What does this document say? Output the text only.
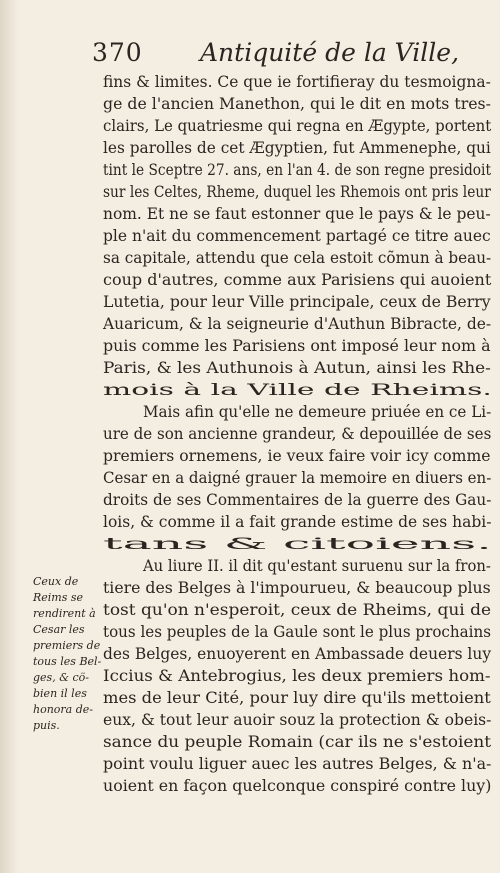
370 Antiquité de la Ville,
fins & limites. Ce que ie fortifieray du tesmoigna-
ge de l'ancien Manethon, qui le dit en mots tres-
clairs, Le quatriesme qui regna en Ægypte, portent
les parolles de cet Ægyptien, fut Ammenephe, qui
tint le Sceptre 27. ans, en l'an 4. de son regne presidoit
sur les Celtes, Rheme, duquel les Rhemois ont pris leur
nom. Et ne se faut estonner que le pays & le peu-
ple n'ait du commencement partagé ce titre auec
sa capitale, attendu que cela estoit cõmun à beau-
coup d'autres, comme aux Parisiens qui auoient
Lutetia, pour leur Ville principale, ceux de Berry
Auaricum, & la seigneurie d'Authun Bibracte, de-
puis comme les Parisiens ont imposé leur nom à
Paris, & les Authunois à Autun, ainsi les Rhe-
mois à la Ville de Rheims.
Mais afin qu'elle ne demeure priuée en ce Li-
ure de son ancienne grandeur, & depouillée de ses
premiers ornemens, ie veux faire voir icy comme
Cesar en a daigné grauer la memoire en diuers en-
droits de ses Commentaires de la guerre des Gau-
lois, & comme il a fait grande estime de ses habi-
tans & citoiens.
Au liure II. il dit qu'estant suruenu sur la fron-
tiere des Belges à l'impourueu, & beaucoup plus
tost qu'on n'esperoit, ceux de Rheims, qui de
tous les peuples de la Gaule sont le plus prochains
des Belges, enuoyerent en Ambassade deuers luy
Iccius & Antebrogius, les deux premiers hom-
mes de leur Cité, pour luy dire qu'ils mettoient
eux, & tout leur auoir souz la protection & obeis-
sance du peuple Romain (car ils ne s'estoient
point voulu liguer auec les autres Belges, & n'a-
uoient en façon quelconque conspiré contre luy)
Ceux de
Reims se
rendirent à
Cesar les
premiers de
tous les Bel-
ges, & cö-
bien il les
honora de-
puis.
